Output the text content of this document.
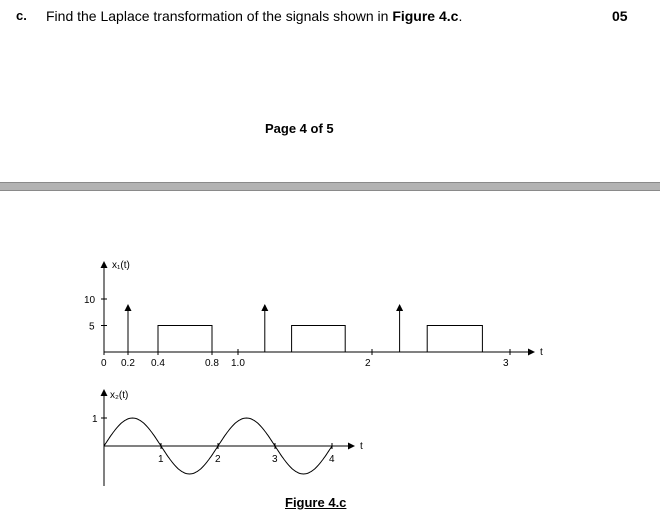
c. Find the Laplace transformation of the signals shown in Figure 4.c.	05
Page 4 of 5
0 0.2 0.4	0.8 1.0	2	3
10
5
x₁(t)
t
1	2	3	4
1
x₂(t)
t
Figure 4.c
